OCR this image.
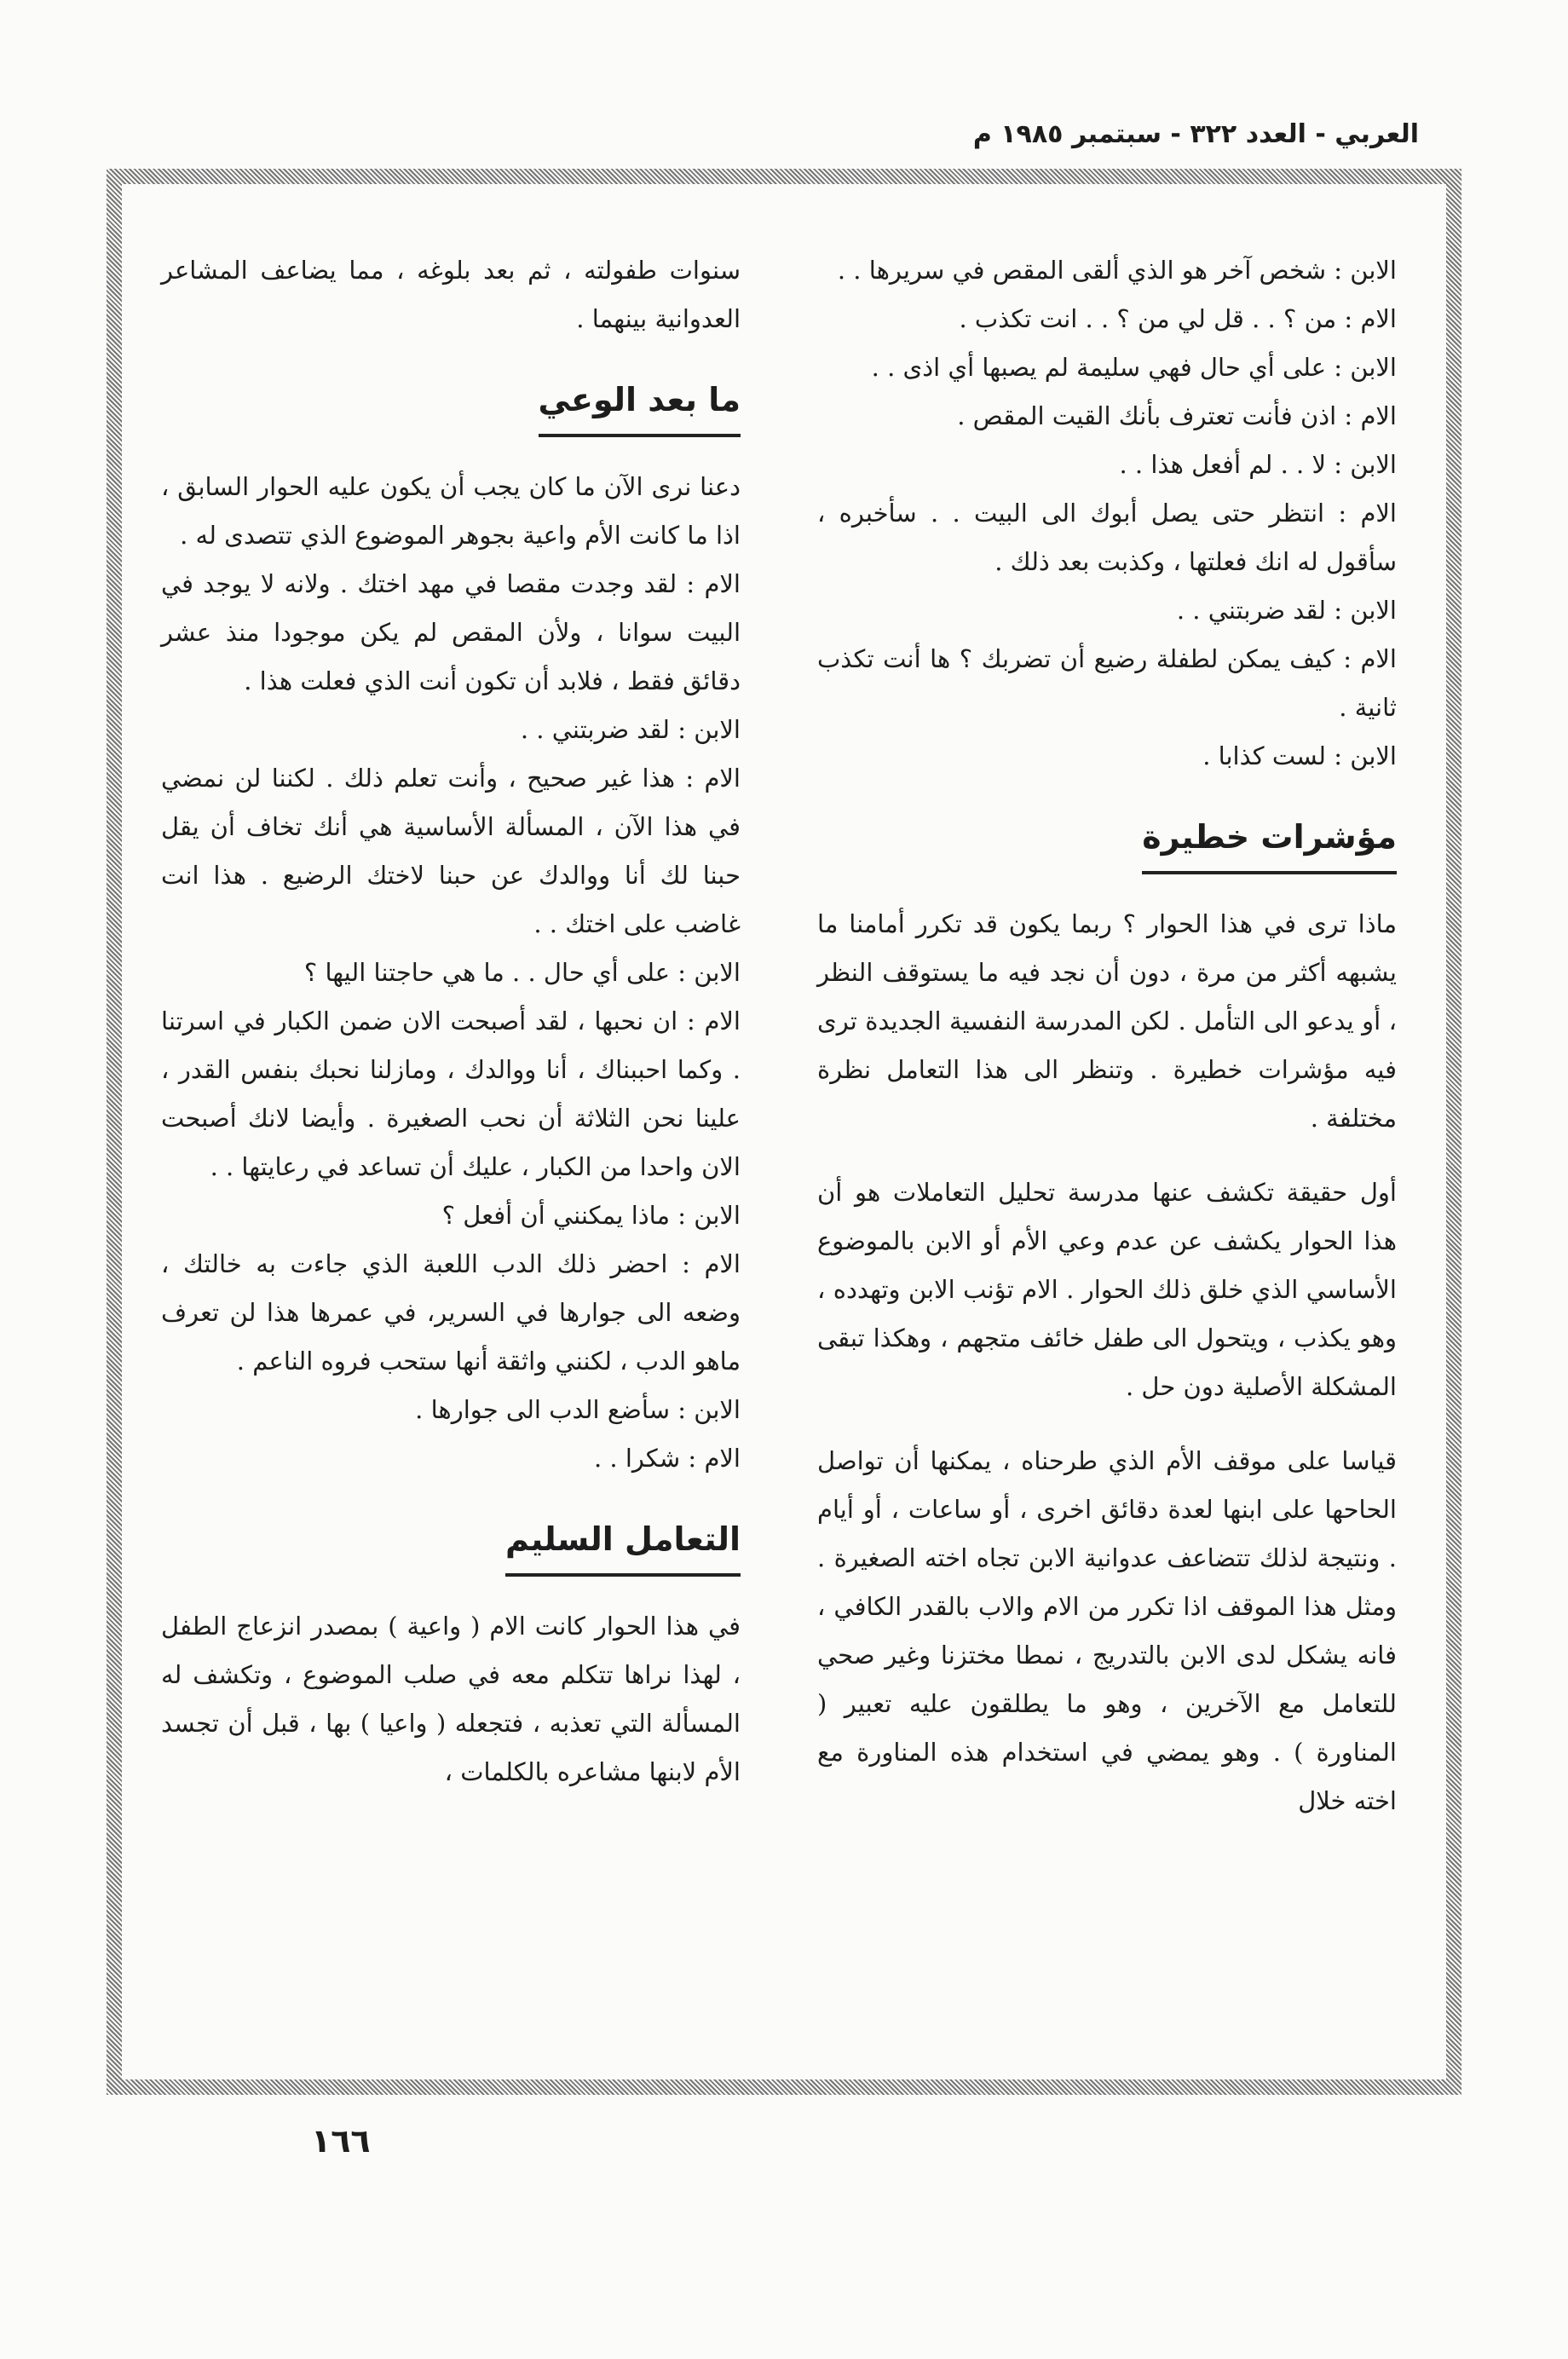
العربي - العدد ٣٢٢ - سبتمبر ١٩٨٥ م

الابن : شخص آخر هو الذي ألقى المقص في سريرها . .

الام : من ؟ . . قل لي من ؟ . . انت تكذب .

الابن : على أي حال فهي سليمة لم يصبها أي اذى . .

الام : اذن فأنت تعترف بأنك القيت المقص .

الابن : لا . . لم أفعل هذا . .

الام : انتظر حتى يصل أبوك الى البيت . . سأخبره ، سأقول له انك فعلتها ، وكذبت بعد ذلك .

الابن : لقد ضربتني . .

الام : كيف يمكن لطفلة رضيع أن تضربك ؟ ها أنت تكذب ثانية .

الابن : لست كذابا .

مؤشرات خطيرة

ماذا ترى في هذا الحوار ؟ ربما يكون قد تكرر أمامنا ما يشبهه أكثر من مرة ، دون أن نجد فيه ما يستوقف النظر ، أو يدعو الى التأمل . لكن المدرسة النفسية الجديدة ترى فيه مؤشرات خطيرة . وتنظر الى هذا التعامل نظرة مختلفة .

أول حقيقة تكشف عنها مدرسة تحليل التعاملات هو أن هذا الحوار يكشف عن عدم وعي الأم أو الابن بالموضوع الأساسي الذي خلق ذلك الحوار . الام تؤنب الابن وتهدده ، وهو يكذب ، ويتحول الى طفل خائف متجهم ، وهكذا تبقى المشكلة الأصلية دون حل .

قياسا على موقف الأم الذي طرحناه ، يمكنها أن تواصل الحاحها على ابنها لعدة دقائق اخرى ، أو ساعات ، أو أيام . ونتيجة لذلك تتضاعف عدوانية الابن تجاه اخته الصغيرة . ومثل هذا الموقف اذا تكرر من الام والاب بالقدر الكافي ، فانه يشكل لدى الابن بالتدريج ، نمطا مختزنا وغير صحي للتعامل مع الآخرين ، وهو ما يطلقون عليه تعبير ( المناورة ) . وهو يمضي في استخدام هذه المناورة مع اخته خلال

سنوات طفولته ، ثم بعد بلوغه ، مما يضاعف المشاعر العدوانية بينهما .

ما بعد الوعي

دعنا نرى الآن ما كان يجب أن يكون عليه الحوار السابق ، اذا ما كانت الأم واعية بجوهر الموضوع الذي تتصدى له .

الام : لقد وجدت مقصا في مهد اختك . ولانه لا يوجد في البيت سوانا ، ولأن المقص لم يكن موجودا منذ عشر دقائق فقط ، فلابد أن تكون أنت الذي فعلت هذا .

الابن : لقد ضربتني . .

الام : هذا غير صحيح ، وأنت تعلم ذلك . لكننا لن نمضي في هذا الآن ، المسألة الأساسية هي أنك تخاف أن يقل حبنا لك أنا ووالدك عن حبنا لاختك الرضيع . هذا انت غاضب على اختك . .

الابن : على أي حال . . ما هي حاجتنا اليها ؟

الام : ان نحبها ، لقد أصبحت الان ضمن الكبار في اسرتنا . وكما احببناك ، أنا ووالدك ، ومازلنا نحبك بنفس القدر ، علينا نحن الثلاثة أن نحب الصغيرة . وأيضا لانك أصبحت الان واحدا من الكبار ، عليك أن تساعد في رعايتها . .

الابن : ماذا يمكنني أن أفعل ؟

الام : احضر ذلك الدب اللعبة الذي جاءت به خالتك ، وضعه الى جوارها في السرير، في عمرها هذا لن تعرف ماهو الدب ، لكنني واثقة أنها ستحب فروه الناعم .

الابن : سأضع الدب الى جوارها .

الام : شكرا . .

التعامل السليم

في هذا الحوار كانت الام ( واعية ) بمصدر انزعاج الطفل ، لهذا نراها تتكلم معه في صلب الموضوع ، وتكشف له المسألة التي تعذبه ، فتجعله ( واعيا ) بها ، قبل أن تجسد الأم لابنها مشاعره بالكلمات ،

١٦٦
